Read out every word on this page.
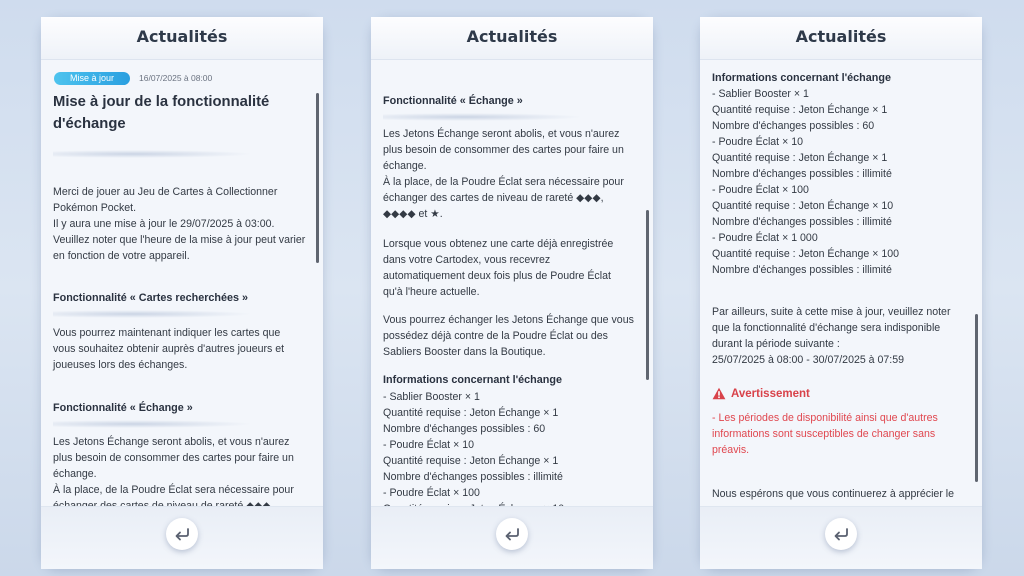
Actualités
Mise à jour	16/07/2025 à 08:00
Mise à jour de la fonctionnalité
d'échange
Merci de jouer au Jeu de Cartes à Collectionner
Pokémon Pocket.
Il y aura une mise à jour le 29/07/2025 à 03:00.
Veuillez noter que l'heure de la mise à jour peut varier
en fonction de votre appareil.
Fonctionnalité « Cartes recherchées »
Vous pourrez maintenant indiquer les cartes que
vous souhaitez obtenir auprès d'autres joueurs et
joueuses lors des échanges.
Fonctionnalité « Échange »
Les Jetons Échange seront abolis, et vous n'aurez
plus besoin de consommer des cartes pour faire un
échange.
À la place, de la Poudre Éclat sera nécessaire pour
Actualités
Fonctionnalité « Échange »
Les Jetons Échange seront abolis, et vous n'aurez
plus besoin de consommer des cartes pour faire un
échange.
À la place, de la Poudre Éclat sera nécessaire pour
échanger des cartes de niveau de rareté ◆◆◆,
◆◆◆◆ et ★.
Lorsque vous obtenez une carte déjà enregistrée
dans votre Cartodex, vous recevrez
automatiquement deux fois plus de Poudre Éclat
qu'à l'heure actuelle.
Vous pourrez échanger les Jetons Échange que vous
possédez déjà contre de la Poudre Éclat ou des
Sabliers Booster dans la Boutique.
Informations concernant l'échange
- Sablier Booster × 1
Quantité requise : Jeton Échange × 1
Nombre d'échanges possibles : 60
- Poudre Éclat × 10
Quantité requise : Jeton Échange × 1
Nombre d'échanges possibles : illimité
- Poudre Éclat × 100
Actualités
Informations concernant l'échange
- Sablier Booster × 1
Quantité requise : Jeton Échange × 1
Nombre d'échanges possibles : 60
- Poudre Éclat × 10
Quantité requise : Jeton Échange × 1
Nombre d'échanges possibles : illimité
- Poudre Éclat × 100
Quantité requise : Jeton Échange × 10
Nombre d'échanges possibles : illimité
- Poudre Éclat × 1 000
Quantité requise : Jeton Échange × 100
Nombre d'échanges possibles : illimité
Par ailleurs, suite à cette mise à jour, veuillez noter
que la fonctionnalité d'échange sera indisponible
durant la période suivante :
25/07/2025 à 08:00 - 30/07/2025 à 07:59
Avertissement
- Les périodes de disponibilité ainsi que d'autres
informations sont susceptibles de changer sans
préavis.
Nous espérons que vous continuerez à apprécier le
